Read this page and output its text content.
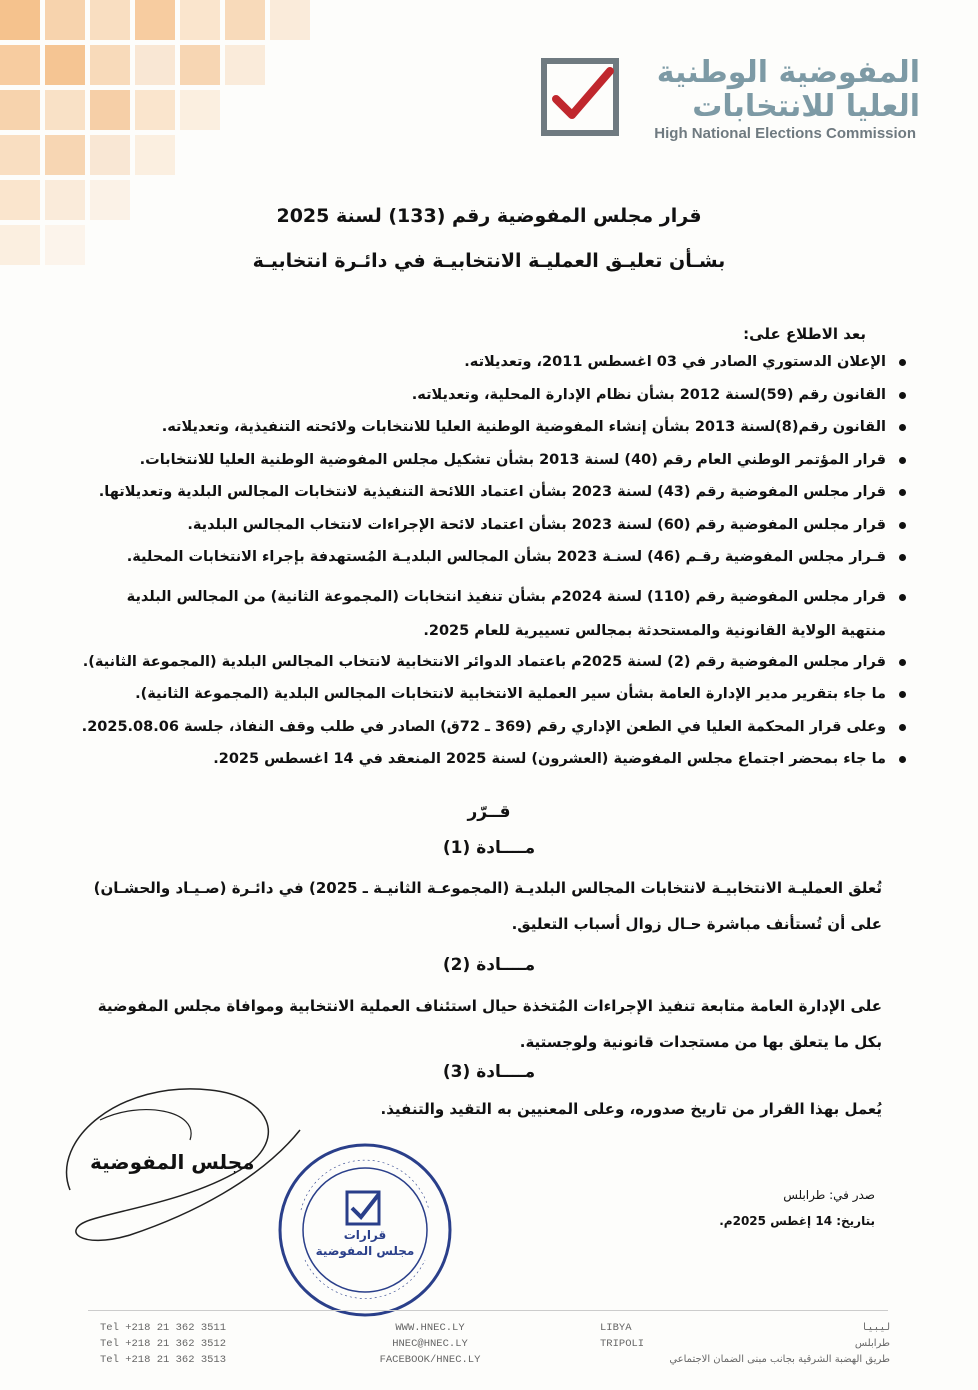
المفوضية الوطنية
العليا للانتخابات
High National Elections Commission
قرار مجلس المفوضية رقم (133) لسنة 2025
بشـأن تعليـق العمليـة الانتخابيـة في دائـرة انتخابيـة
بعد الاطلاع على:
الإعلان الدستوري الصادر في 03 اغسطس 2011، وتعديلاته.
القانون رقم (59)لسنة 2012 بشأن نظام الإدارة المحلية، وتعديلاته.
القانون رقم(8)لسنة 2013 بشأن إنشاء المفوضية الوطنية العليا للانتخابات ولائحته التنفيذية، وتعديلاته.
قرار المؤتمر الوطني العام رقم (40) لسنة 2013 بشأن تشكيل مجلس المفوضية الوطنية العليا للانتخابات.
قرار مجلس المفوضية رقم (43) لسنة 2023 بشأن اعتماد اللائحة التنفيذية لانتخابات المجالس البلدية وتعديلاتها.
قرار مجلس المفوضية رقم (60) لسنة 2023 بشأن اعتماد لائحة الإجراءات لانتخاب المجالس البلدية.
قـرار مجلس المفوضية رقـم (46) لسنـة 2023 بشأن المجالس البلديـة المُستهدفة بإجراء الانتخابات المحلية.
قرار مجلس المفوضية رقم (110) لسنة 2024م بشأن تنفيذ انتخابات (المجموعة الثانية) من المجالس البلدية منتهية الولاية القانونية والمستحدثة بمجالس تسييرية للعام 2025.
قرار مجلس المفوضية رقم (2) لسنة 2025م باعتماد الدوائر الانتخابية لانتخاب المجالس البلدية (المجموعة الثانية).
ما جاء بتقرير مدير الإدارة العامة بشأن سير العملية الانتخابية لانتخابات المجالس البلدية (المجموعة الثانية).
وعلى قرار المحكمة العليا في الطعن الإداري رقم (369 ـ 72ق) الصادر في طلب وقف النفاذ، جلسة 2025.08.06.
ما جاء بمحضر اجتماع مجلس المفوضية (العشرون) لسنة 2025 المنعقد في 14 اغسطس 2025.
قــرّر
مــــادة (1)
تُعلق العمليـة الانتخابيـة لانتخابات المجالس البلديـة (المجموعـة الثانيـة ـ 2025) في دائـرة (صـيـاد والحشـان) على أن تُستأنف مباشرة حـال زوال أسباب التعليق.
مــــادة (2)
على الإدارة العامة متابعة تنفيذ الإجراءات المُتخذة حيال استئناف العملية الانتخابية وموافاة مجلس المفوضية بكل ما يتعلق بها من مستجدات قانونية ولوجستية.
مــــادة (3)
يُعمل بهذا القرار من تاريخ صدوره، وعلى المعنيين به التقيد والتنفيذ.
مجلس المفوضية
قرارات
مجلس المفوضية
صدر في: طرابلس
بتاريخ: 14 إغطس 2025م.
Tel +218 21 362 3511
Tel +218 21 362 3512
Tel +218 21 362 3513
WWW.HNEC.LY
HNEC@HNEC.LY
FACEBOOK/HNEC.LY
LIBYA	لـيـبـيـا
TRIPOLI	طرابلس
طريق الهضبة الشرقية بجانب مبنى الضمان الاجتماعي
